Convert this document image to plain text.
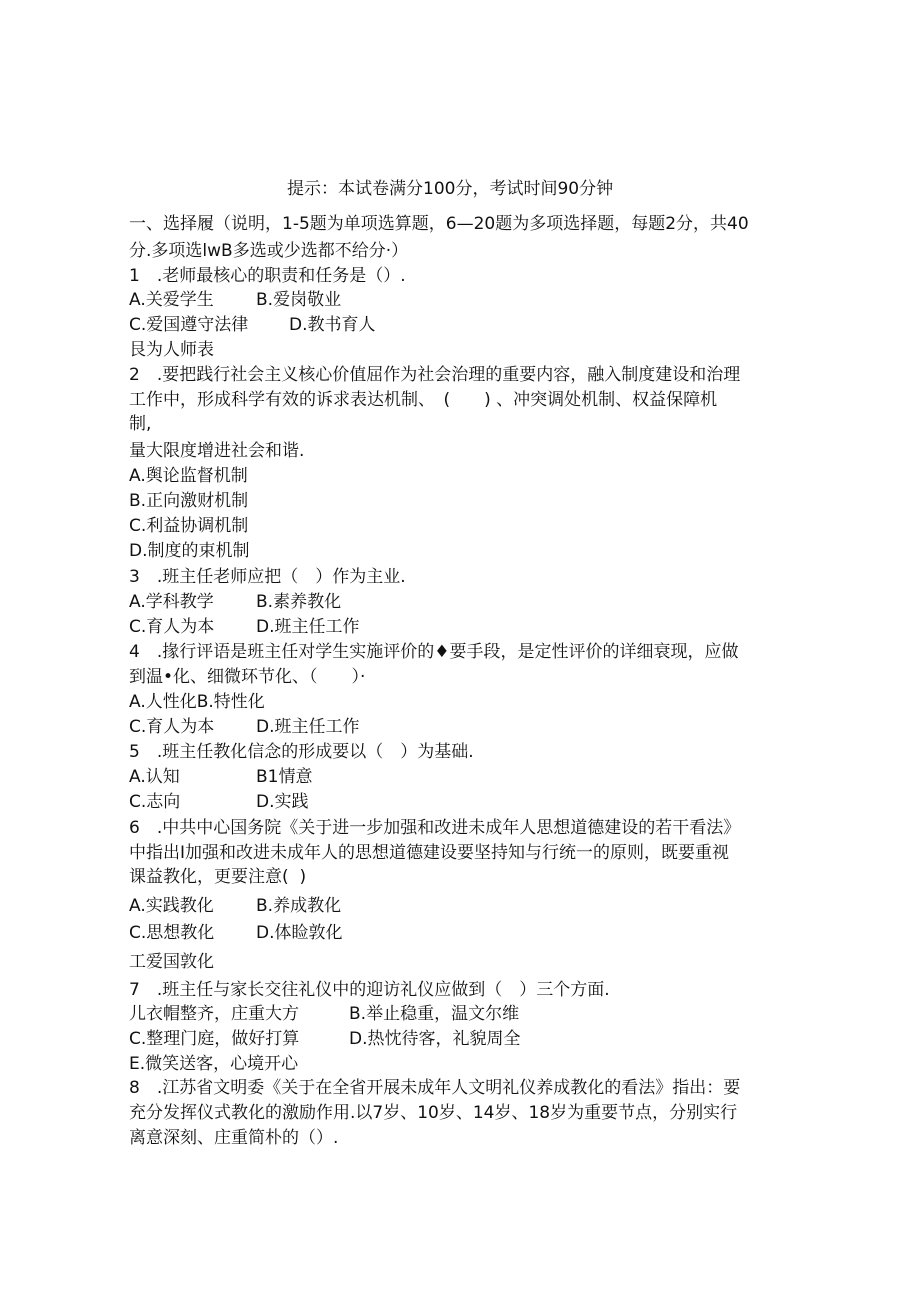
提示：本试卷满分100分，考试时间90分钟
一、选择履（说明，1-5题为单项选算题，6—20题为多项选择题，每题2分，共40
分.多项选lwB多选或少选都不给分·）
1　.老师最核心的职责和任务是（）.
A.关爱学生 B.爱岗敬业
C.爱国遵守法律 D.教书育人
艮为人师表
2　.要把践行社会主义核心价值屈作为社会治理的重要内容，融入制度建设和治理
工作中，形成科学有效的诉求表达机制、　(　　) 、冲突调处机制、权益保障机
制,
量大限度增进社会和谐.
A.舆论监督机制
B.正向激财机制
C.利益协调机制
D.制度的束机制
3　.班主任老师应把（　）作为主业.
A.学科教学 B.素养教化
C.育人为本 D.班主任工作
4　.掾行评语是班主任对学生实施评价的♦要手段，是定性评价的详细衰现，应做
到温•化、细微环节化、（　　）·
A.人性化B.特性化
C.育人为本 D.班主任工作
5　.班主任教化信念的形成要以（　）为基础.
A.认知	B1情意
C.志向	D.实践
6　.中共中心国务院《关于进一步加强和改进未成年人思想道德建设的若干看法》
中指出I加强和改进未成年人的思想道德建设要坚持知与行统一的原则，既要重视
课益教化，更要注意(  )
A.实践教化 B.养成教化
C.思想教化 D.体睑敦化
工爱国敦化
7　.班主任与家长交往礼仪中的迎访礼仪应做到（　）三个方面.
儿衣帽整齐，庄重大方	B.举止稳重，温文尔维
C.整理门庭，做好打算	D.热忱待客，礼貌周全
E.微笑送客，心境开心
8　.江苏省文明委《关于在全省开展未成年人文明礼仪养成教化的看法》指出：要
充分发挥仪式教化的激励作用.以7岁、10岁、14岁、18岁为重要节点，分别实行
离意深刻、庄重简朴的（）.
